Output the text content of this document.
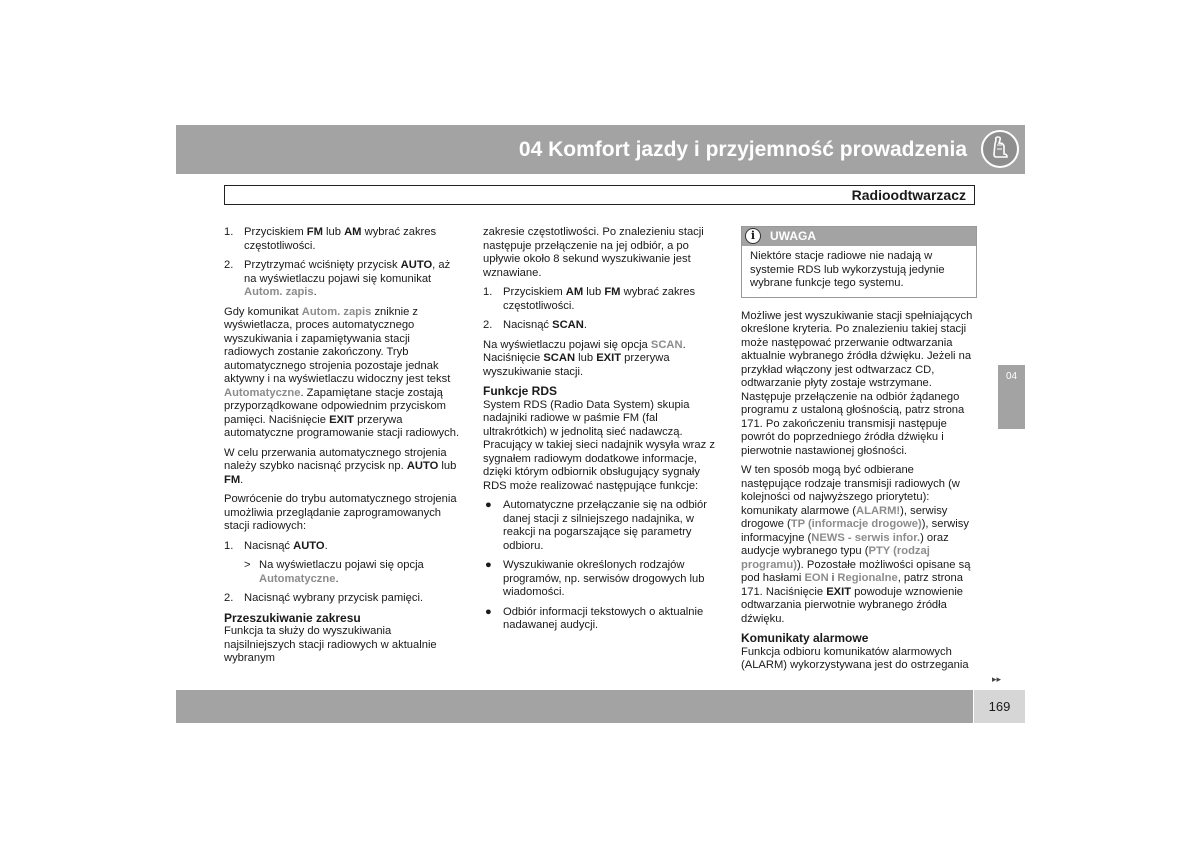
04 Komfort jazdy i przyjemność prowadzenia
Radioodtwarzacz
1. Przyciskiem FM lub AM wybrać zakres częstotliwości.
2. Przytrzymać wciśnięty przycisk AUTO, aż na wyświetlaczu pojawi się komunikat Autom. zapis.

Gdy komunikat Autom. zapis zniknie z wyświetlacza, proces automatycznego wyszukiwania i zapamiętywania stacji radiowych zostanie zakończony. Tryb automatycznego strojenia pozostaje jednak aktywny i na wyświetlaczu widoczny jest tekst Automatyczne. Zapamiętane stacje zostają przyporządkowane odpowiednim przyciskom pamięci. Naciśnięcie EXIT przerywa automatyczne programowanie stacji radiowych.

W celu przerwania automatycznego strojenia należy szybko nacisnąć przycisk np. AUTO lub FM.

Powrócenie do trybu automatycznego strojenia umożliwia przeglądanie zaprogramowanych stacji radiowych:

1. Nacisnąć AUTO.
> Na wyświetlaczu pojawi się opcja Automatyczne.
2. Nacisnąć wybrany przycisk pamięci.
Przeszukiwanie zakresu

Funkcja ta służy do wyszukiwania najsilniejszych stacji radiowych w aktualnie wybranym

zakresie częstotliwości. Po znalezieniu stacji następuje przełączenie na jej odbiór, a po upływie około 8 sekund wyszukiwanie jest wznawiane.

1. Przyciskiem AM lub FM wybrać zakres częstotliwości.
2. Nacisnąć SCAN.

Na wyświetlaczu pojawi się opcja SCAN. Naciśnięcie SCAN lub EXIT przerywa wyszukiwanie stacji.

Funkcje RDS

System RDS (Radio Data System) skupia nadajniki radiowe w paśmie FM (fal ultrakrótkich) w jednolitą sieć nadawczą. Pracujący w takiej sieci nadajnik wysyła wraz z sygnałem radiowym dodatkowe informacje, dzięki którym odbiornik obsługujący sygnały RDS może realizować następujące funkcje:

● Automatyczne przełączanie się na odbiór danej stacji z silniejszego nadajnika, w reakcji na pogarszające się parametry odbioru.
● Wyszukiwanie określonych rodzajów programów, np. serwisów drogowych lub wiadomości.
● Odbiór informacji tekstowych o aktualnie nadawanej audycji.
i	UWAGA
Niektóre stacje radiowe nie nadają w systemie RDS lub wykorzystują jedynie wybrane funkcje tego systemu.

Możliwe jest wyszukiwanie stacji spełniających określone kryteria. Po znalezieniu takiej stacji może następować przerwanie odtwarzania aktualnie wybranego źródła dźwięku. Jeżeli na przykład włączony jest odtwarzacz CD, odtwarzanie płyty zostaje wstrzymane. Następuje przełączenie na odbiór żądanego programu z ustaloną głośnością, patrz strona 171. Po zakończeniu transmisji następuje powrót do poprzedniego źródła dźwięku i pierwotnie nastawionej głośności.

W ten sposób mogą być odbierane następujące rodzaje transmisji radiowych (w kolejności od najwyższego priorytetu): komunikaty alarmowe (ALARM!), serwisy drogowe (TP (informacje drogowe)), serwisy informacyjne (NEWS - serwis infor.) oraz audycje wybranego typu (PTY (rodzaj programu)). Pozostałe możliwości opisane są pod hasłami EON i Regionalne, patrz strona 171. Naciśnięcie EXIT powoduje wznowienie odtwarzania pierwotnie wybranego źródła dźwięku.

Komunikaty alarmowe

Funkcja odbioru komunikatów alarmowych (ALARM) wykorzystywana jest do ostrzegania

04
▸▸
169
